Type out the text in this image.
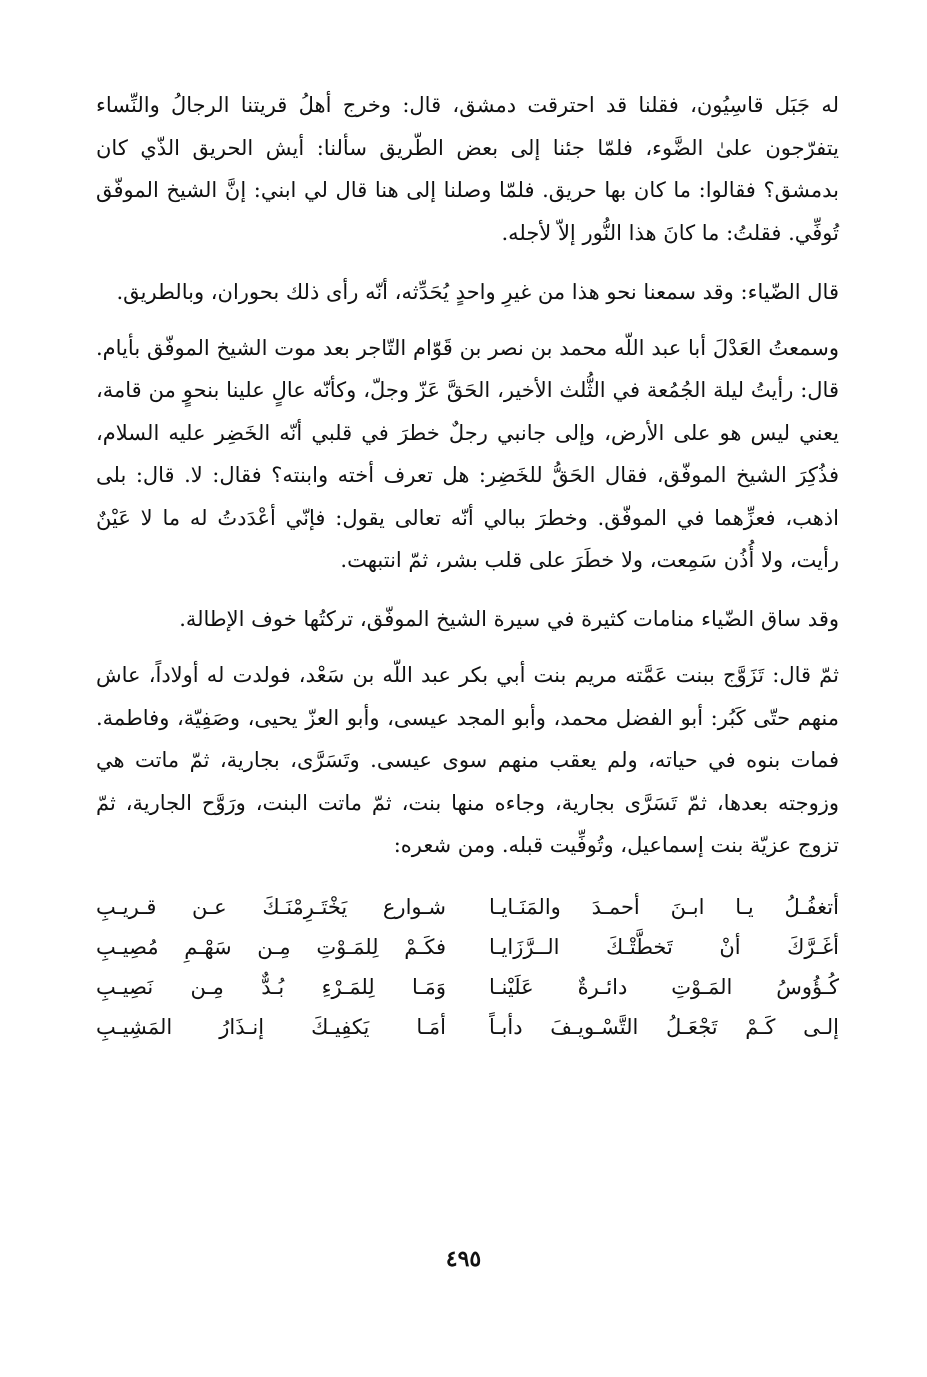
له جَبَل قاسِيُون، فقلنا قد احترقت دمشق، قال: وخرج أهلُ قريتنا الرجالُ والنِّساء يتفرّجون علىٰ الضَّوء، فلمّا جئنا إلى بعض الطّريق سألنا: أيش الحريق الذّي كان بدمشق؟ فقالوا: ما كان بها حريق. فلمّا وصلنا إلى هنا قال لي ابني: إنَّ الشيخ الموفّق تُوفِّي. فقلتُ: ما كانَ هذا النُّور إلاّ لأجله.

قال الضّياء: وقد سمعنا نحو هذا من غيرِ واحدٍ يُحَدِّثه، أنّه رأى ذلك بحوران، وبالطريق.

وسمعتُ العَدْلَ أبا عبد اللّه محمد بن نصر بن قَوّام التّاجر بعد موت الشيخ الموفّق بأيام. قال: رأيتُ ليلة الجُمُعة في الثُّلث الأخير، الحَقَّ عَزّ وجلّ، وكأنّه عالٍ علينا بنحوٍ من قامة، يعني ليس هو على الأرض، وإلى جانبي رجلٌ خطرَ في قلبي أنّه الخَضِر عليه السلام، فذُكِرَ الشيخ الموفّق، فقال الحَقُّ للخَضِر: هل تعرف أخته وابنته؟ فقال: لا. قال: بلى اذهب، فعزِّهما في الموفّق. وخطرَ ببالي أنّه تعالى يقول: فإنّي أعْدَدتُ له ما لا عَيْنٌ رأيت، ولا أُذُن سَمِعت، ولا خطَرَ على قلب بشر، ثمّ انتبهت.

وقد ساق الضّياء منامات كثيرة في سيرة الشيخ الموفّق، تركتُها خوف الإطالة.

ثمّ قال: تَزَوَّج ببنت عَمَّته مريم بنت أبي بكر عبد اللّه بن سَعْد، فولدت له أولاداً، عاش منهم حتّى كَبُر: أبو الفضل محمد، وأبو المجد عيسى، وأبو العزّ يحيى، وصَفِيّة، وفاطمة. فمات بنوه في حياته، ولم يعقب منهم سوى عيسى. وتَسَرَّى، بجارية، ثمّ ماتت هي وزوجته بعدها، ثمّ تَسَرَّى بجارية، وجاءه منها بنت، ثمّ ماتت البنت، ورَوَّح الجارية، ثمّ تزوج عزيّة بنت إسماعيل، وتُوفِّيت قبله. ومن شعره:

أتغفُـلُ يـا ابـنَ أحمـدَ والمَنَـايـا
شـوارع يَخْتَـرِمْنَـكَ عـن قـريـبِ
أغَـرَّكَ أنْ تَخطَّتْـكَ الــرَّزَايـا
فكَـمْ لِلمَـوْتِ مِـن سَهْـمِ مُصِيـبِ
كُـؤُوسُ المَـوْتِ دائـرةٌ عَلَيْنـا
وَمَـا لِلمَـرْءِ بُـدٌّ مِـن نَصِيـبِ
إلـى كَـمْ تَجْعَـلُ التَّسْـويـفَ دأبـاً
أمَـا يَكفِيـكَ إنـذَارُ المَشِيـبِ
٤٩٥
